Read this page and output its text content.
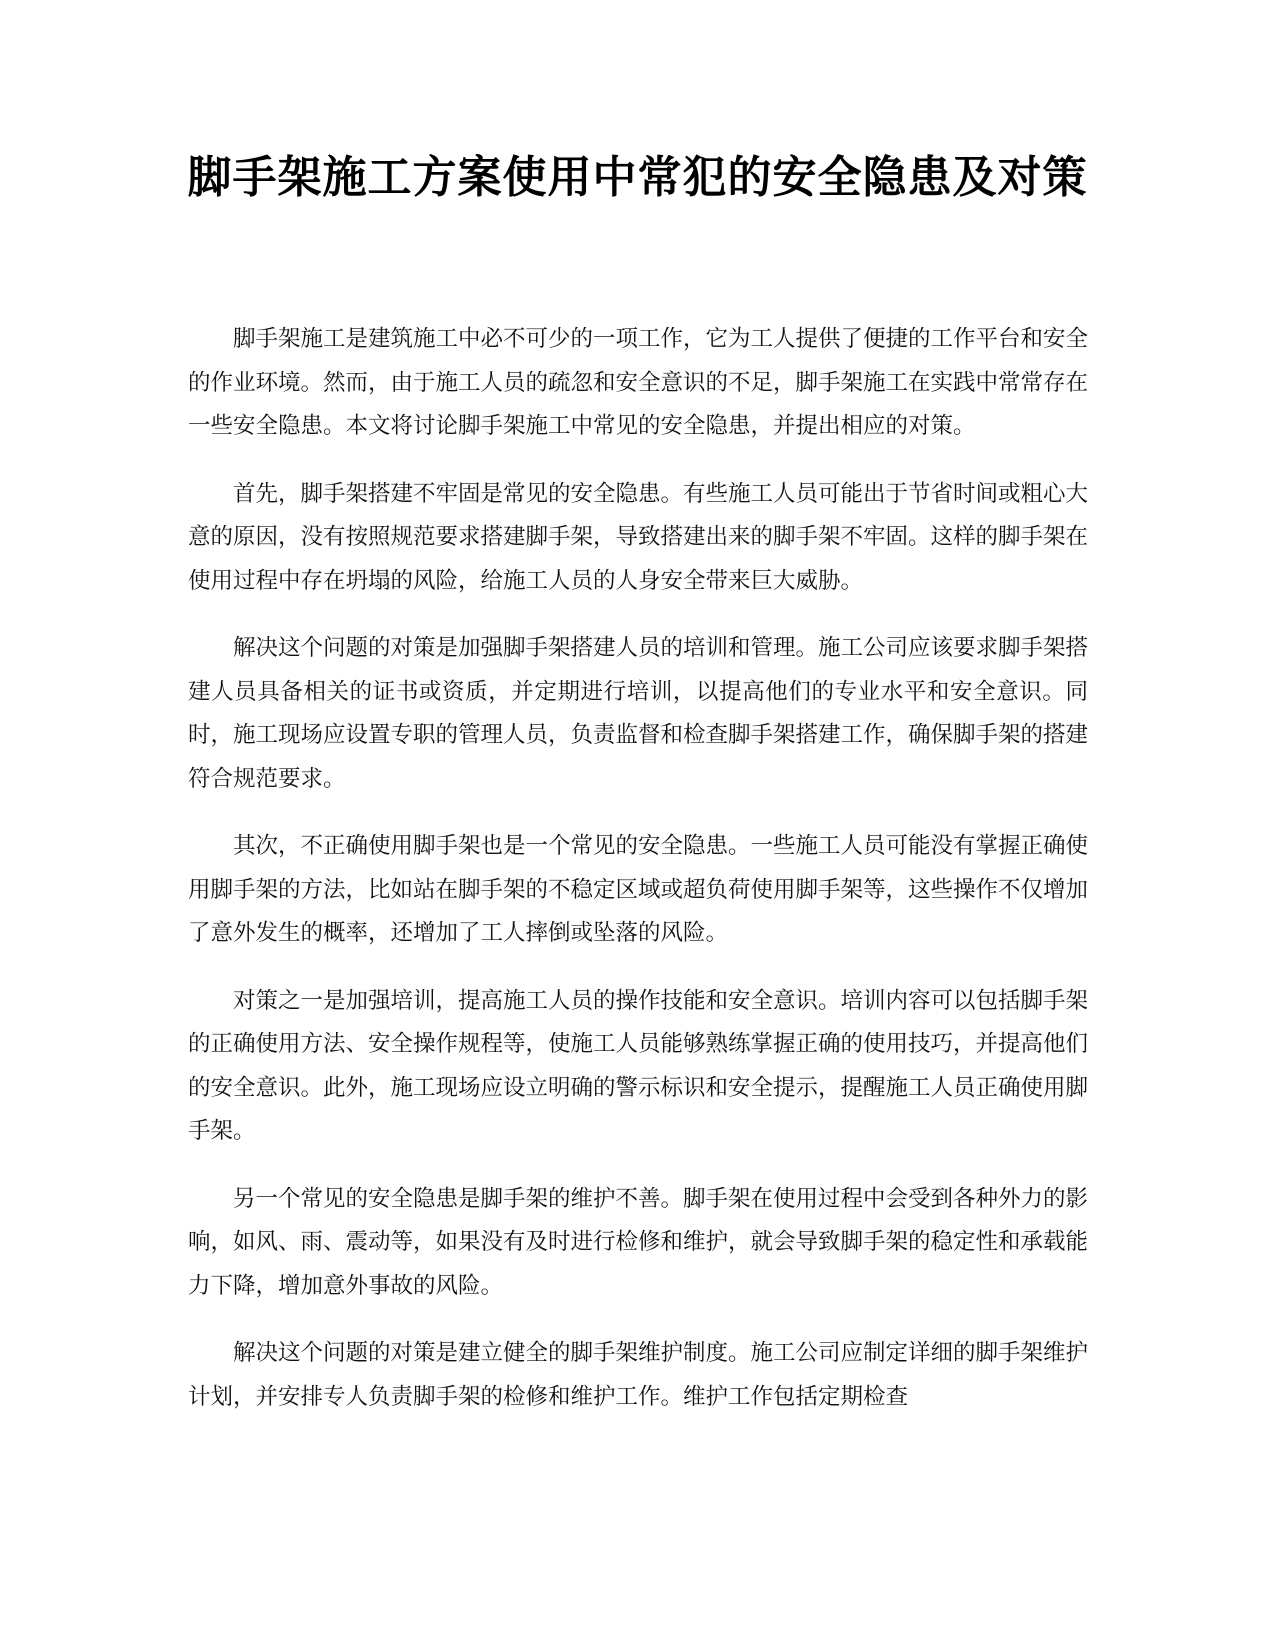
脚手架施工方案使用中常犯的安全隐患及对策

脚手架施工是建筑施工中必不可少的一项工作，它为工人提供了便捷的工作平台和安全的作业环境。然而，由于施工人员的疏忽和安全意识的不足，脚手架施工在实践中常常存在一些安全隐患。本文将讨论脚手架施工中常见的安全隐患，并提出相应的对策。

首先，脚手架搭建不牢固是常见的安全隐患。有些施工人员可能出于节省时间或粗心大意的原因，没有按照规范要求搭建脚手架，导致搭建出来的脚手架不牢固。这样的脚手架在使用过程中存在坍塌的风险，给施工人员的人身安全带来巨大威胁。

解决这个问题的对策是加强脚手架搭建人员的培训和管理。施工公司应该要求脚手架搭建人员具备相关的证书或资质，并定期进行培训，以提高他们的专业水平和安全意识。同时，施工现场应设置专职的管理人员，负责监督和检查脚手架搭建工作，确保脚手架的搭建符合规范要求。

其次，不正确使用脚手架也是一个常见的安全隐患。一些施工人员可能没有掌握正确使用脚手架的方法，比如站在脚手架的不稳定区域或超负荷使用脚手架等，这些操作不仅增加了意外发生的概率，还增加了工人摔倒或坠落的风险。

对策之一是加强培训，提高施工人员的操作技能和安全意识。培训内容可以包括脚手架的正确使用方法、安全操作规程等，使施工人员能够熟练掌握正确的使用技巧，并提高他们的安全意识。此外，施工现场应设立明确的警示标识和安全提示，提醒施工人员正确使用脚手架。

另一个常见的安全隐患是脚手架的维护不善。脚手架在使用过程中会受到各种外力的影响，如风、雨、震动等，如果没有及时进行检修和维护，就会导致脚手架的稳定性和承载能力下降，增加意外事故的风险。

解决这个问题的对策是建立健全的脚手架维护制度。施工公司应制定详细的脚手架维护计划，并安排专人负责脚手架的检修和维护工作。维护工作包括定期检查
